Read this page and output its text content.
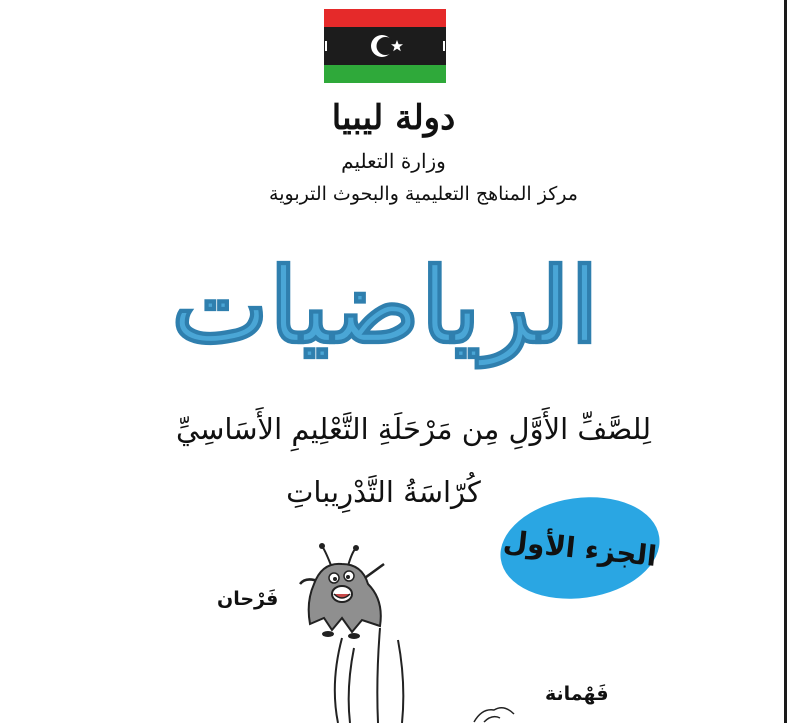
دولة ليبيا
وزارة التعليم
مركز المناهج التعليمية والبحوث التربوية
الرياضيات
لِلصَّفِّ الأَوَّلِ مِن مَرْحَلَةِ التَّعْلِيمِ الأَسَاسِيِّ
كُرّاسَةُ التَّدْرِيباتِ
الجزء الأول
فَرْحان
فَهْمانة
